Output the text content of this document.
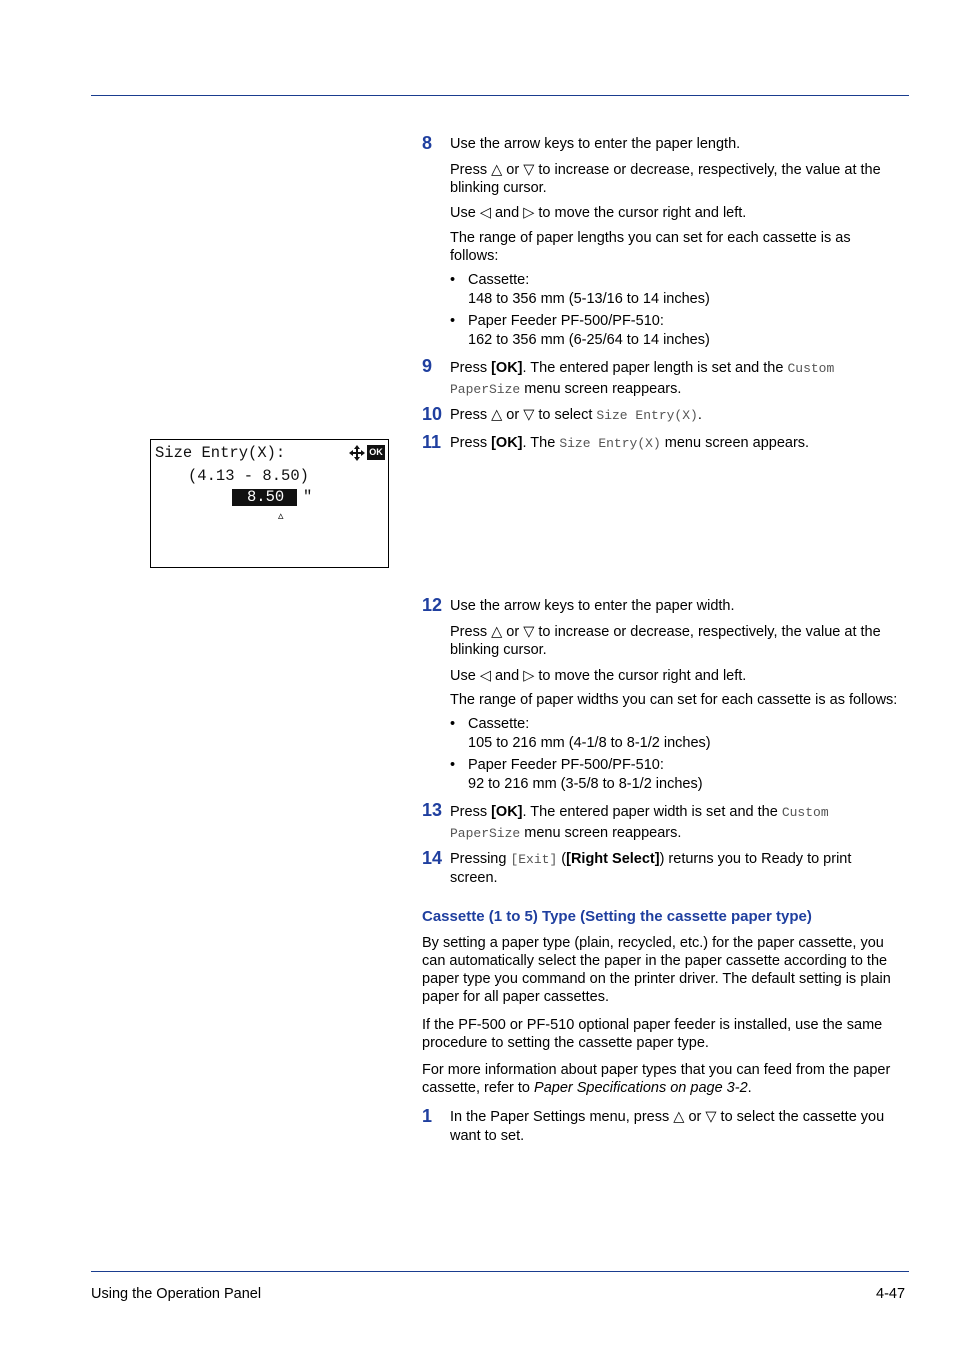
8 Use the arrow keys to enter the paper length.
Press △ or ▽ to increase or decrease, respectively, the value at the
blinking cursor.
Use ◁ and ▷ to move the cursor right and left.
The range of paper lengths you can set for each cassette is as
follows:
• Cassette:
148 to 356 mm (5-13/16 to 14 inches)
• Paper Feeder PF-500/PF-510:
162 to 356 mm (6-25/64 to 14 inches)
9 Press [OK]. The entered paper length is set and the Custom
PaperSize menu screen reappears.
10 Press △ or ▽ to select Size Entry(X).
11 Press [OK]. The Size Entry(X) menu screen appears.
Size Entry(X):	OK
(4.13 - 8.50)
8.50 "
▵
12 Use the arrow keys to enter the paper width.
Press △ or ▽ to increase or decrease, respectively, the value at the
blinking cursor.
Use ◁ and ▷ to move the cursor right and left.
The range of paper widths you can set for each cassette is as follows:
• Cassette:
105 to 216 mm (4-1/8 to 8-1/2 inches)
• Paper Feeder PF-500/PF-510:
92 to 216 mm (3-5/8 to 8-1/2 inches)
13 Press [OK]. The entered paper width is set and the Custom
PaperSize menu screen reappears.
14 Pressing [Exit] ([Right Select]) returns you to Ready to print
screen.
Cassette (1 to 5) Type (Setting the cassette paper type)
By setting a paper type (plain, recycled, etc.) for the paper cassette, you
can automatically select the paper in the paper cassette according to the
paper type you command on the printer driver. The default setting is plain
paper for all paper cassettes.
If the PF-500 or PF-510 optional paper feeder is installed, use the same
procedure to setting the cassette paper type.
For more information about paper types that you can feed from the paper
cassette, refer to Paper Specifications on page 3-2.
1 In the Paper Settings menu, press △ or ▽ to select the cassette you
want to set.
Using the Operation Panel	4-47
